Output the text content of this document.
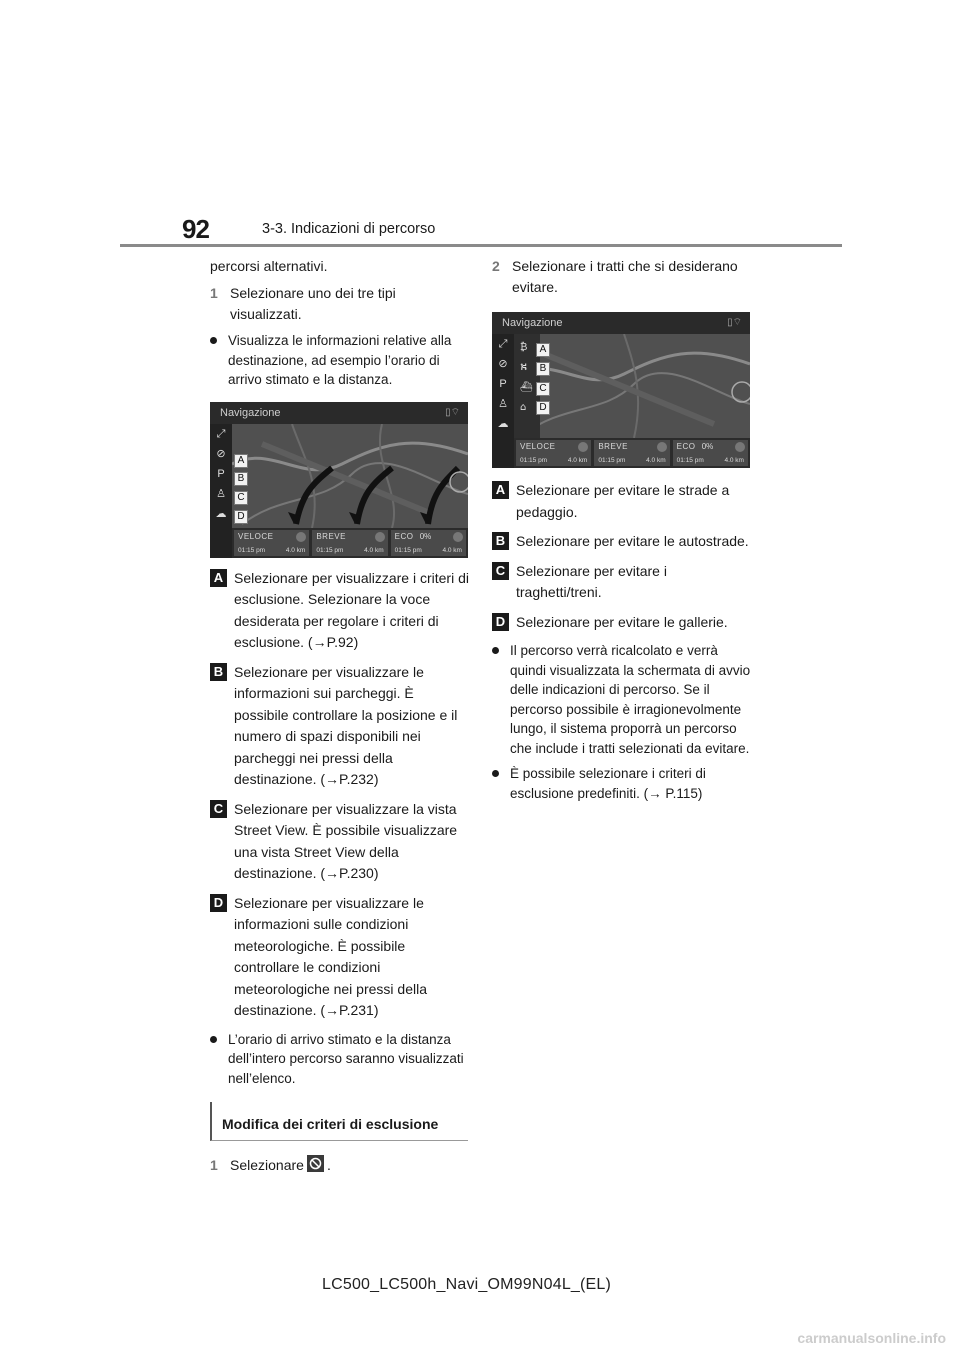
92	3-3. Indicazioni di percorso

percorsi alternativi.

1 Selezionare uno dei tre tipi visualizzati.
Visualizza le informazioni relative alla destinazione, ad esempio l’orario di arrivo stimato e la distanza.
Navigazione	▯⌔
⤢
⊘
P
♙
☁
A
B
C
D
VELOCE
01:15 pm	4.0 km
BREVE
01:15 pm	4.0 km
ECO 0%
01:15 pm	4.0 km
A Selezionare per visualizzare i criteri di esclusione. Selezionare la voce desiderata per regolare i criteri di esclusione. (→P.92)
B Selezionare per visualizzare le informazioni sui parcheggi. È possibile controllare la posizione e il numero di spazi disponibili nei parcheggi nei pressi della destinazione. (→P.232)
C Selezionare per visualizzare la vista Street View. È possibile visualizzare una vista Street View della destinazione. (→P.230)
D Selezionare per visualizzare le informazioni sulle condizioni meteorologiche. È possibile controllare le condizioni meteorologiche nei pressi della destinazione. (→P.231)
L’orario di arrivo stimato e la distanza dell’intero percorso saranno visualizzati nell’elenco.
Modifica dei criteri di esclusione
1 Selezionare .
2 Selezionare i tratti che si desiderano evitare.
Navigazione	▯⌔
⤢
⊘
P
♙
☁
₿
⛕
⛴
⌂
A
B
C
D
VELOCE
01:15 pm	4.0 km
BREVE
01:15 pm	4.0 km
ECO 0%
01:15 pm	4.0 km
A Selezionare per evitare le strade a pedaggio.
B Selezionare per evitare le autostrade.
C Selezionare per evitare i traghetti/treni.
D Selezionare per evitare le gallerie.
Il percorso verrà ricalcolato e verrà quindi visualizzata la schermata di avvio delle indicazioni di percorso. Se il percorso possibile è irragionevolmente lungo, il sistema proporrà un percorso che include i tratti selezionati da evitare.
È possibile selezionare i criteri di esclusione predefiniti. (→ P.115)
LC500_LC500h_Navi_OM99N04L_(EL)
carmanualsonline.info
